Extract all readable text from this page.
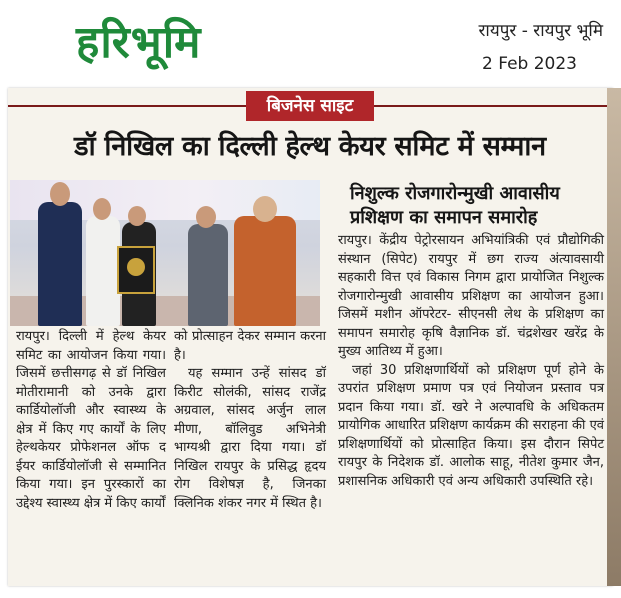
हरिभूमि	रायपुर - रायपुर भूमि
2 Feb 2023
बिजनेस साइट
डॉ निखिल का दिल्ली हेल्थ केयर समिट में सम्मान
निशुल्क रोजगारोन्मुखी आवासीय प्रशिक्षण का समापन समारोह

रायपुर। दिल्ली में हेल्थ केयर समिट का आयोजन किया गया। जिसमें छत्तीसगढ़ से डॉ निखिल मोतीरामानी को उनके द्वारा कार्डियोलॉजी और स्वास्थ्य के क्षेत्र में किए गए कार्यों के लिए हेल्थकेयर प्रोफेशनल ऑफ द ईयर कार्डियोलॉजी से सम्मानित किया गया। इन पुरस्कारों का उद्देश्य स्वास्थ्य क्षेत्र में किए कार्यों

को प्रोत्साहन देकर सम्मान करना है।

यह सम्मान उन्हें सांसद डॉ किरीट सोलंकी, सांसद राजेंद्र अग्रवाल, सांसद अर्जुन लाल मीणा, बॉलिवुड अभिनेत्री भाग्यश्री द्वारा दिया गया। डॉ निखिल रायपुर के प्रसिद्ध हृदय रोग विशेषज्ञ है, जिनका क्लिनिक शंकर नगर में स्थित है।

रायपुर। केंद्रीय पेट्रोरसायन अभियांत्रिकी एवं प्रौद्योगिकी संस्थान (सिपेट) रायपुर में छग राज्य अंत्यावसायी सहकारी वित्त एवं विकास निगम द्वारा प्रायोजित निशुल्क रोजगारोन्मुखी आवासीय प्रशिक्षण का आयोजन हुआ। जिसमें मशीन ऑपरेटर- सीएनसी लेथ के प्रशिक्षण का समापन समारोह कृषि वैज्ञानिक डॉ. चंद्रशेखर खरेंद्र के मुख्य आतिथ्य में हुआ।

जहां 30 प्रशिक्षणार्थियों को प्रशिक्षण पूर्ण होने के उपरांत प्रशिक्षण प्रमाण पत्र एवं नियोजन प्रस्ताव पत्र प्रदान किया गया। डॉ. खरे ने अल्पावधि के अधिकतम प्रायोगिक आधारित प्रशिक्षण कार्यक्रम की सराहना की एवं प्रशिक्षणार्थियों को प्रोत्साहित किया। इस दौरान सिपेट रायपुर के निदेशक डॉ. आलोक साहू, नीतेश कुमार जैन, प्रशासनिक अधिकारी एवं अन्य अधिकारी उपस्थिति रहे।
